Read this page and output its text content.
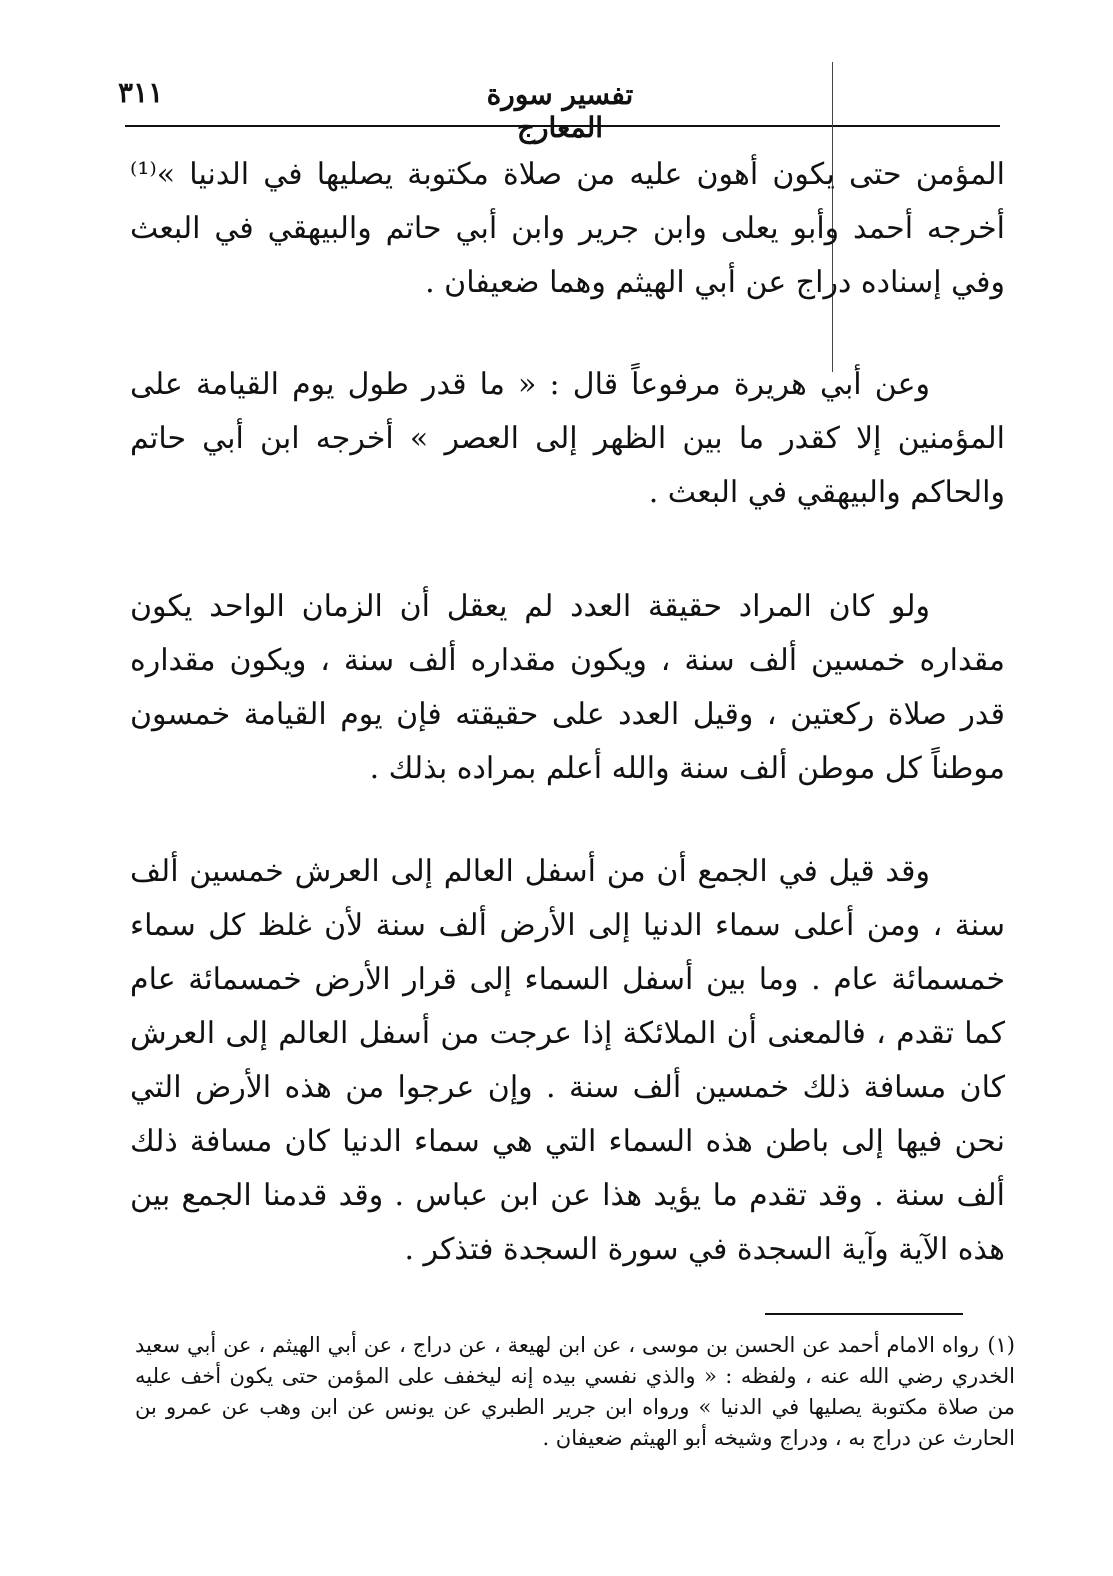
تفسير سورة المعارج
٣١١

المؤمن حتى يكون أهون عليه من صلاة مكتوبة يصليها في الدنيا »⁽¹⁾ أخرجه أحمد وأبو يعلى وابن جرير وابن أبي حاتم والبيهقي في البعث وفي إسناده دراج عن أبي الهيثم وهما ضعيفان .

وعن أبي هريرة مرفوعاً قال : « ما قدر طول يوم القيامة على المؤمنين إلا كقدر ما بين الظهر إلى العصر » أخرجه ابن أبي حاتم والحاكم والبيهقي في البعث .

ولو كان المراد حقيقة العدد لم يعقل أن الزمان الواحد يكون مقداره خمسين ألف سنة ، ويكون مقداره ألف سنة ، ويكون مقداره قدر صلاة ركعتين ، وقيل العدد على حقيقته فإن يوم القيامة خمسون موطناً كل موطن ألف سنة والله أعلم بمراده بذلك .

وقد قيل في الجمع أن من أسفل العالم إلى العرش خمسين ألف سنة ، ومن أعلى سماء الدنيا إلى الأرض ألف سنة لأن غلظ كل سماء خمسمائة عام . وما بين أسفل السماء إلى قرار الأرض خمسمائة عام كما تقدم ، فالمعنى أن الملائكة إذا عرجت من أسفل العالم إلى العرش كان مسافة ذلك خمسين ألف سنة . وإن عرجوا من هذه الأرض التي نحن فيها إلى باطن هذه السماء التي هي سماء الدنيا كان مسافة ذلك ألف سنة . وقد تقدم ما يؤيد هذا عن ابن عباس . وقد قدمنا الجمع بين هذه الآية وآية السجدة في سورة السجدة فتذكر .

(١)رواه الامام أحمد عن الحسن بن موسى ، عن ابن لهيعة ، عن دراج ، عن أبي الهيثم ، عن أبي سعيد الخدري رضي الله عنه ، ولفظه : « والذي نفسي بيده إنه ليخفف على المؤمن حتى يكون أخف عليه من صلاة مكتوبة يصليها في الدنيا » ورواه ابن جرير الطبري عن يونس عن ابن وهب عن عمرو بن الحارث عن دراج به ، ودراج وشيخه أبو الهيثم ضعيفان .
